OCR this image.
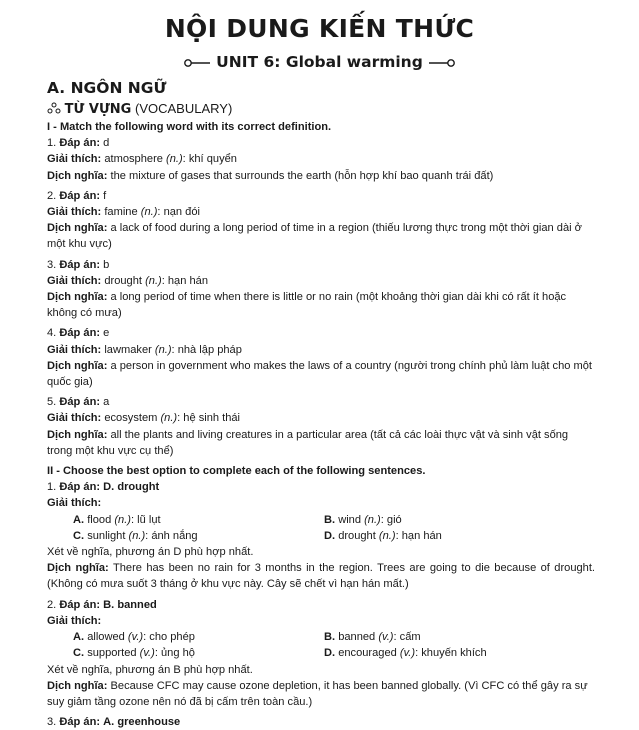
NỘI DUNG KIẾN THỨC
UNIT 6: Global warming
A. NGÔN NGỮ
TỪ VỰNG (VOCABULARY)
I - Match the following word with its correct definition.
1. Đáp án: d
Giải thích: atmosphere (n.): khí quyển
Dịch nghĩa: the mixture of gases that surrounds the earth (hỗn hợp khí bao quanh trái đất)
2. Đáp án: f
Giải thích: famine (n.): nạn đói
Dịch nghĩa: a lack of food during a long period of time in a region (thiếu lương thực trong một thời gian dài ở một khu vực)
3. Đáp án: b
Giải thích: drought (n.): hạn hán
Dịch nghĩa: a long period of time when there is little or no rain (một khoảng thời gian dài khi có rất ít hoặc không có mưa)
4. Đáp án: e
Giải thích: lawmaker (n.): nhà lập pháp
Dịch nghĩa: a person in government who makes the laws of a country (người trong chính phủ làm luật cho một quốc gia)
5. Đáp án: a
Giải thích: ecosystem (n.): hệ sinh thái
Dịch nghĩa: all the plants and living creatures in a particular area (tất cả các loài thực vật và sinh vật sống trong một khu vực cụ thể)
II - Choose the best option to complete each of the following sentences.
1. Đáp án: D. drought
Giải thích:
A. flood (n.): lũ lụt	B. wind (n.): gió
C. sunlight (n.): ánh nắng	D. drought (n.): hạn hán
Xét về nghĩa, phương án D phù hợp nhất.
Dịch nghĩa: There has been no rain for 3 months in the region. Trees are going to die because of drought. (Không có mưa suốt 3 tháng ở khu vực này. Cây sẽ chết vì hạn hán mất.)
2. Đáp án: B. banned
Giải thích:
A. allowed (v.): cho phép	B. banned (v.): cấm
C. supported (v.): ủng hộ	D. encouraged (v.): khuyến khích
Xét về nghĩa, phương án B phù hợp nhất.
Dịch nghĩa: Because CFC may cause ozone depletion, it has been banned globally. (Vì CFC có thể gây ra sự suy giảm tầng ozone nên nó đã bị cấm trên toàn cầu.)
3. Đáp án: A. greenhouse
